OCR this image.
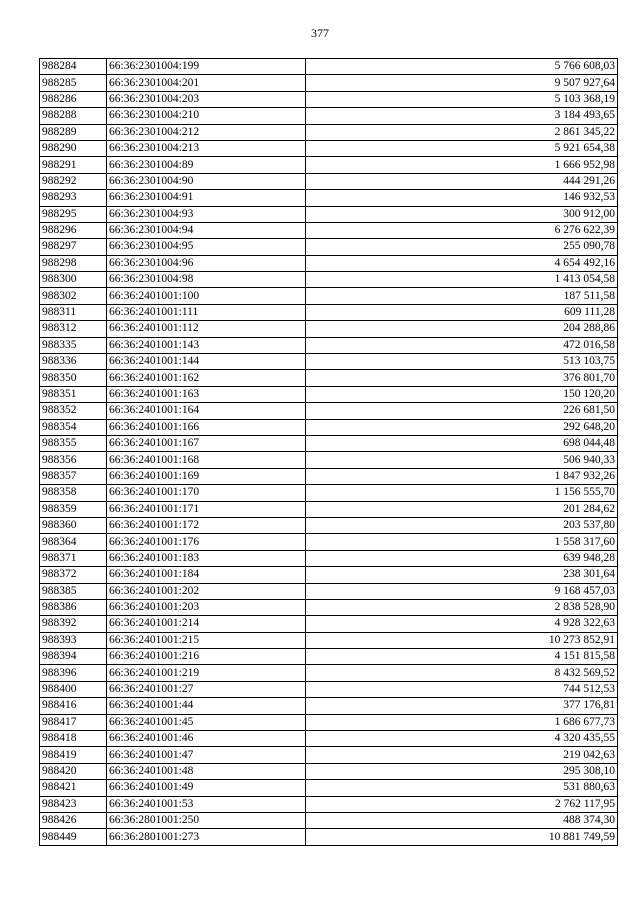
377
988284	66:36:2301004:199	5 766 608,03
988285	66:36:2301004:201	9 507 927,64
988286	66:36:2301004:203	5 103 368,19
988288	66:36:2301004:210	3 184 493,65
988289	66:36:2301004:212	2 861 345,22
988290	66:36:2301004:213	5 921 654,38
988291	66:36:2301004:89	1 666 952,98
988292	66:36:2301004:90	444 291,26
988293	66:36:2301004:91	146 932,53
988295	66:36:2301004:93	300 912,00
988296	66:36:2301004:94	6 276 622,39
988297	66:36:2301004:95	255 090,78
988298	66:36:2301004:96	4 654 492,16
988300	66:36:2301004:98	1 413 054,58
988302	66:36:2401001:100	187 511,58
988311	66:36:2401001:111	609 111,28
988312	66:36:2401001:112	204 288,86
988335	66:36:2401001:143	472 016,58
988336	66:36:2401001:144	513 103,75
988350	66:36:2401001:162	376 801,70
988351	66:36:2401001:163	150 120,20
988352	66:36:2401001:164	226 681,50
988354	66:36:2401001:166	292 648,20
988355	66:36:2401001:167	698 044,48
988356	66:36:2401001:168	506 940,33
988357	66:36:2401001:169	1 847 932,26
988358	66:36:2401001:170	1 156 555,70
988359	66:36:2401001:171	201 284,62
988360	66:36:2401001:172	203 537,80
988364	66:36:2401001:176	1 558 317,60
988371	66:36:2401001:183	639 948,28
988372	66:36:2401001:184	238 301,64
988385	66:36:2401001:202	9 168 457,03
988386	66:36:2401001:203	2 838 528,90
988392	66:36:2401001:214	4 928 322,63
988393	66:36:2401001:215	10 273 852,91
988394	66:36:2401001:216	4 151 815,58
988396	66:36:2401001:219	8 432 569,52
988400	66:36:2401001:27	744 512,53
988416	66:36:2401001:44	377 176,81
988417	66:36:2401001:45	1 686 677,73
988418	66:36:2401001:46	4 320 435,55
988419	66:36:2401001:47	219 042,63
988420	66:36:2401001:48	295 308,10
988421	66:36:2401001:49	531 880,63
988423	66:36:2401001:53	2 762 117,95
988426	66:36:2801001:250	488 374,30
988449	66:36:2801001:273	10 881 749,59
